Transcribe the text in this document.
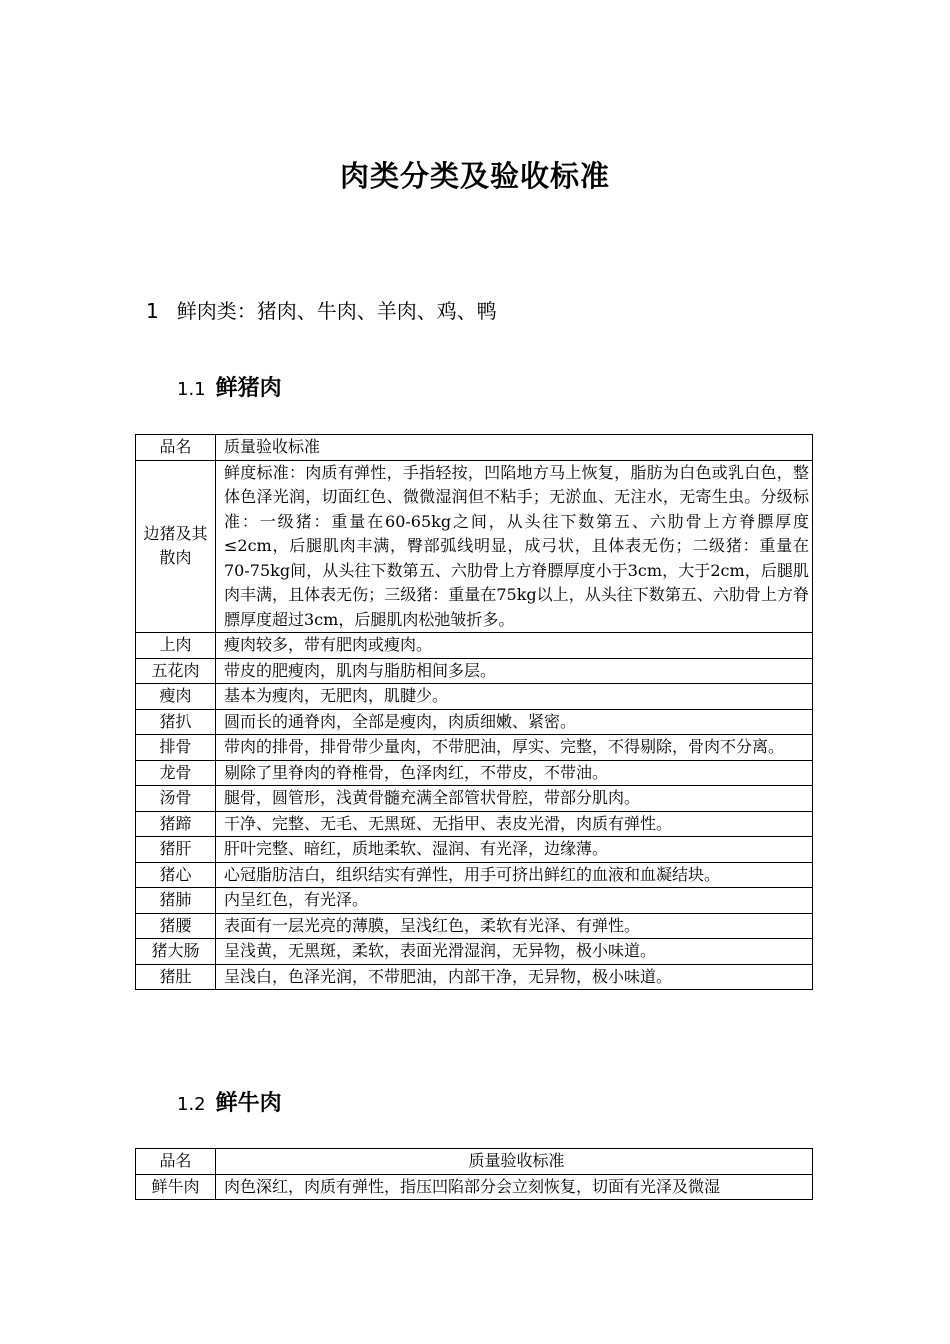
肉类分类及验收标准
1 鲜肉类：猪肉、牛肉、羊肉、鸡、鸭
1.1 鲜猪肉
品名	质量验收标准
边猪及其散肉	鲜度标准：肉质有弹性，手指轻按，凹陷地方马上恢复，脂肪为白色或乳白色，整体色泽光润，切面红色、微微湿润但不粘手；无淤血、无注水，无寄生虫。分级标准：一级猪：重量在60-65kg之间，从头往下数第五、六肋骨上方脊膘厚度≤2cm，后腿肌肉丰满，臀部弧线明显，成弓状，且体表无伤；二级猪：重量在70-75kg间，从头往下数第五、六肋骨上方脊膘厚度小于3cm，大于2cm，后腿肌肉丰满，且体表无伤；三级猪：重量在75kg以上，从头往下数第五、六肋骨上方脊膘厚度超过3cm，后腿肌肉松弛皱折多。
上肉	瘦肉较多，带有肥肉或瘦肉。
五花肉	带皮的肥瘦肉，肌肉与脂肪相间多层。
瘦肉	基本为瘦肉，无肥肉，肌腱少。
猪扒	圆而长的通脊肉，全部是瘦肉，肉质细嫩、紧密。
排骨	带肉的排骨，排骨带少量肉，不带肥油，厚实、完整，不得剔除，骨肉不分离。
龙骨	剔除了里脊肉的脊椎骨，色泽肉红，不带皮，不带油。
汤骨	腿骨，圆管形，浅黄骨髓充满全部管状骨腔，带部分肌肉。
猪蹄	干净、完整、无毛、无黑斑、无指甲、表皮光滑，肉质有弹性。
猪肝	肝叶完整、暗红，质地柔软、湿润、有光泽，边缘薄。
猪心	心冠脂肪洁白，组织结实有弹性，用手可挤出鲜红的血液和血凝结块。
猪肺	内呈红色，有光泽。
猪腰	表面有一层光亮的薄膜，呈浅红色，柔软有光泽、有弹性。
猪大肠	呈浅黄，无黑斑，柔软，表面光滑湿润，无异物，极小味道。
猪肚	呈浅白，色泽光润，不带肥油，内部干净，无异物，极小味道。
1.2 鲜牛肉
品名	质量验收标准
鲜牛肉	肉色深红，肉质有弹性，指压凹陷部分会立刻恢复，切面有光泽及微湿
